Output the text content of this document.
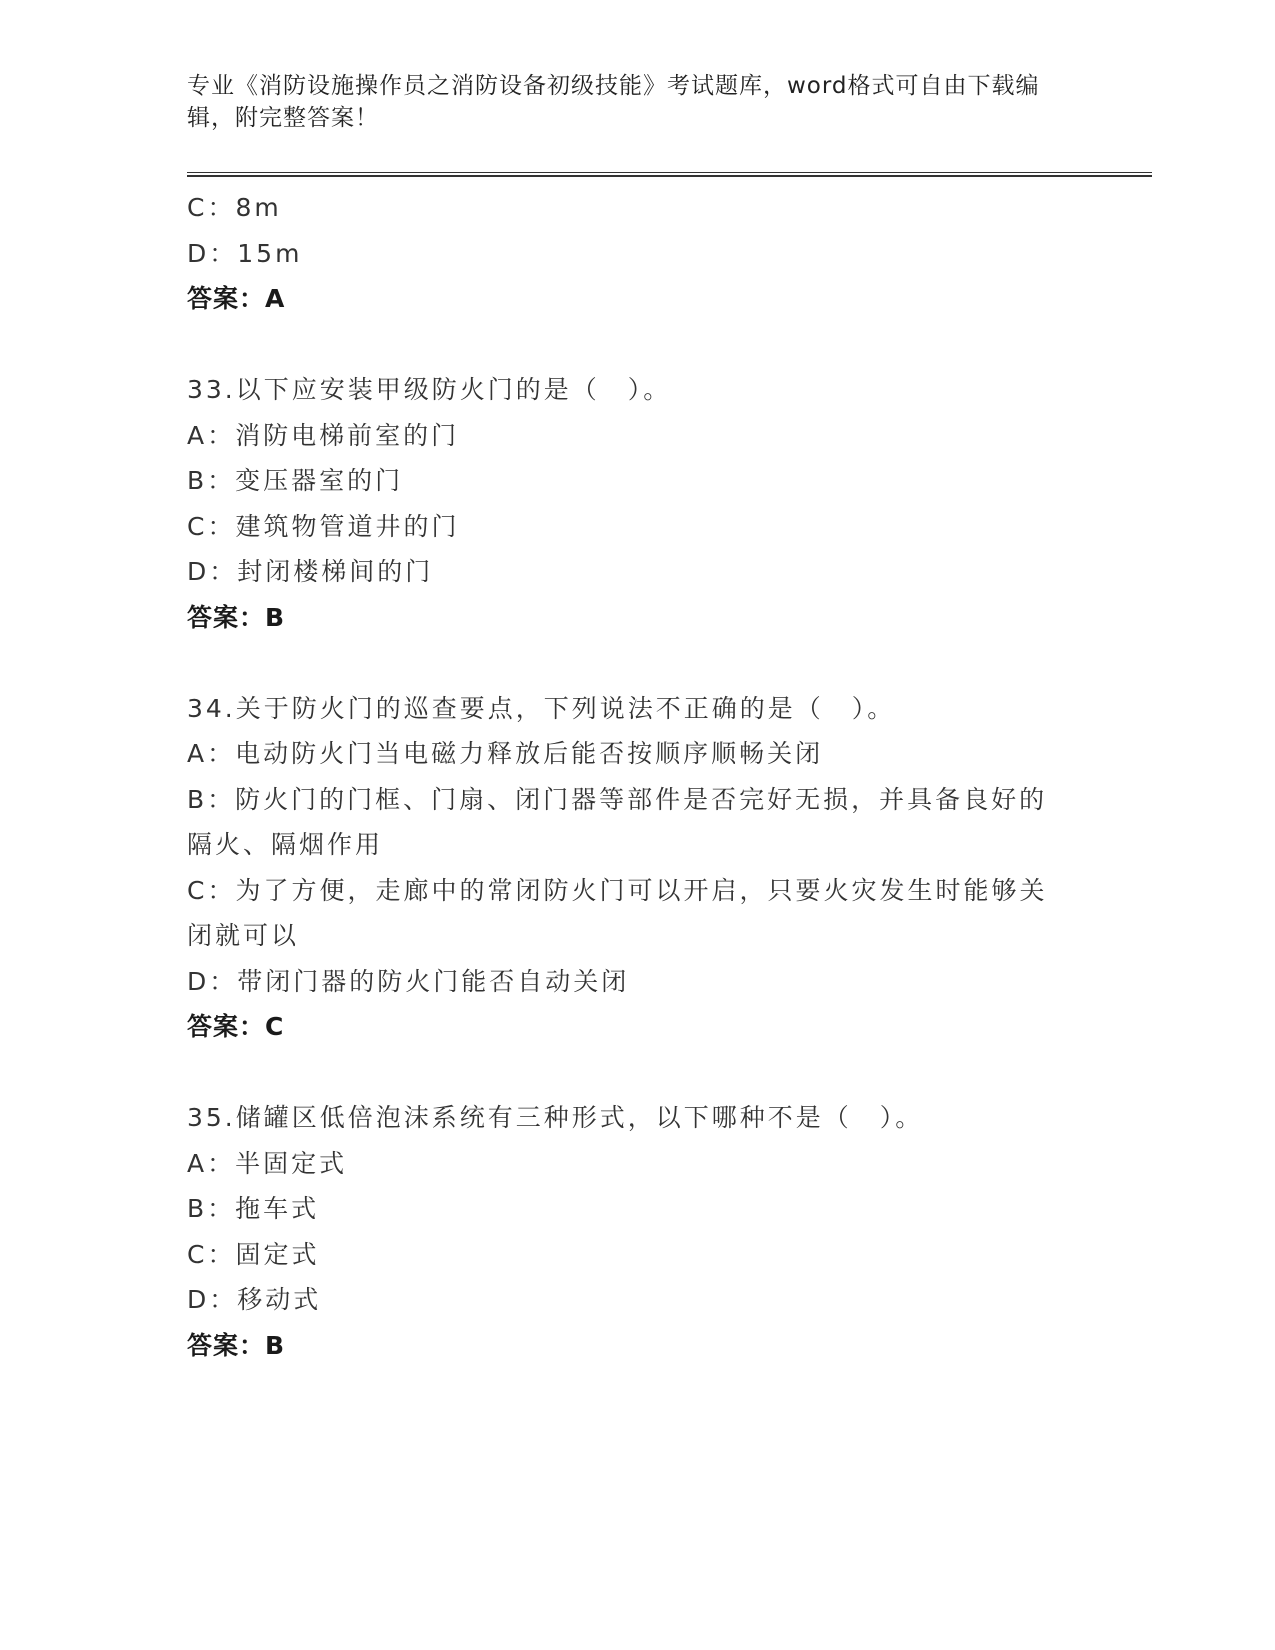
专业《消防设施操作员之消防设备初级技能》考试题库，word格式可自由下载编辑，附完整答案！
C：8m
D：15m
答案：A
33.以下应安装甲级防火门的是（　）。
A：消防电梯前室的门
B：变压器室的门
C：建筑物管道井的门
D：封闭楼梯间的门
答案：B
34.关于防火门的巡查要点，下列说法不正确的是（　）。
A：电动防火门当电磁力释放后能否按顺序顺畅关闭
B：防火门的门框、门扇、闭门器等部件是否完好无损，并具备良好的隔火、隔烟作用
C：为了方便，走廊中的常闭防火门可以开启，只要火灾发生时能够关闭就可以
D：带闭门器的防火门能否自动关闭
答案：C
35.储罐区低倍泡沫系统有三种形式，以下哪种不是（　）。
A：半固定式
B：拖车式
C：固定式
D：移动式
答案：B
